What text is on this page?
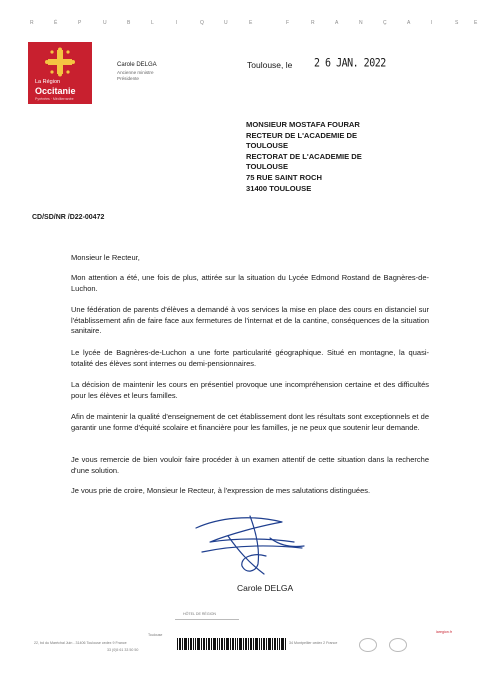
R	É	P	U	B	L	I	Q	U	E	F	R	A	N	Ç	A	I	S	E
La Région
Occitanie
Pyrénées · Méditerranée
Carole DELGA
Ancienne ministre
Présidente
Toulouse, le 2 6 JAN. 2022
MONSIEUR MOSTAFA FOURAR
RECTEUR DE L'ACADEMIE DE
TOULOUSE
RECTORAT DE L'ACADEMIE DE
TOULOUSE
75 RUE SAINT ROCH
31400 TOULOUSE
CD/SD/NR /D22-00472
Monsieur le Recteur,
Mon attention a été, une fois de plus, attirée sur la situation du Lycée Edmond Rostand de Bagnères-de-Luchon.
Une fédération de parents d'élèves a demandé à vos services la mise en place des cours en distanciel sur l'établissement afin de faire face aux fermetures de l'internat et de la cantine, conséquences de la situation sanitaire.
Le lycée de Bagnères-de-Luchon a une forte particularité géographique. Situé en montagne, la quasi-totalité des élèves sont internes ou demi-pensionnaires.
La décision de maintenir les cours en présentiel provoque une incompréhension certaine et des difficultés pour les élèves et leurs familles.
Afin de maintenir la qualité d'enseignement de cet établissement dont les résultats sont exceptionnels et de garantir une forme d'équité scolaire et financière pour les familles, je ne peux que soutenir leur demande.
Je vous remercie de bien vouloir faire procéder à un examen attentif de cette situation dans la recherche d'une solution.
Je vous prie de croire, Monsieur le Recteur, à l'expression de mes salutations distinguées.
Carole DELGA
HÔTEL DE RÉGION
Toulouse
22, bd du Maréchal Juin - 31406 Toulouse cedex 9 France
33 (0)5 61 33 50 50
34 Montpellier cedex 2 France
laregion.fr
